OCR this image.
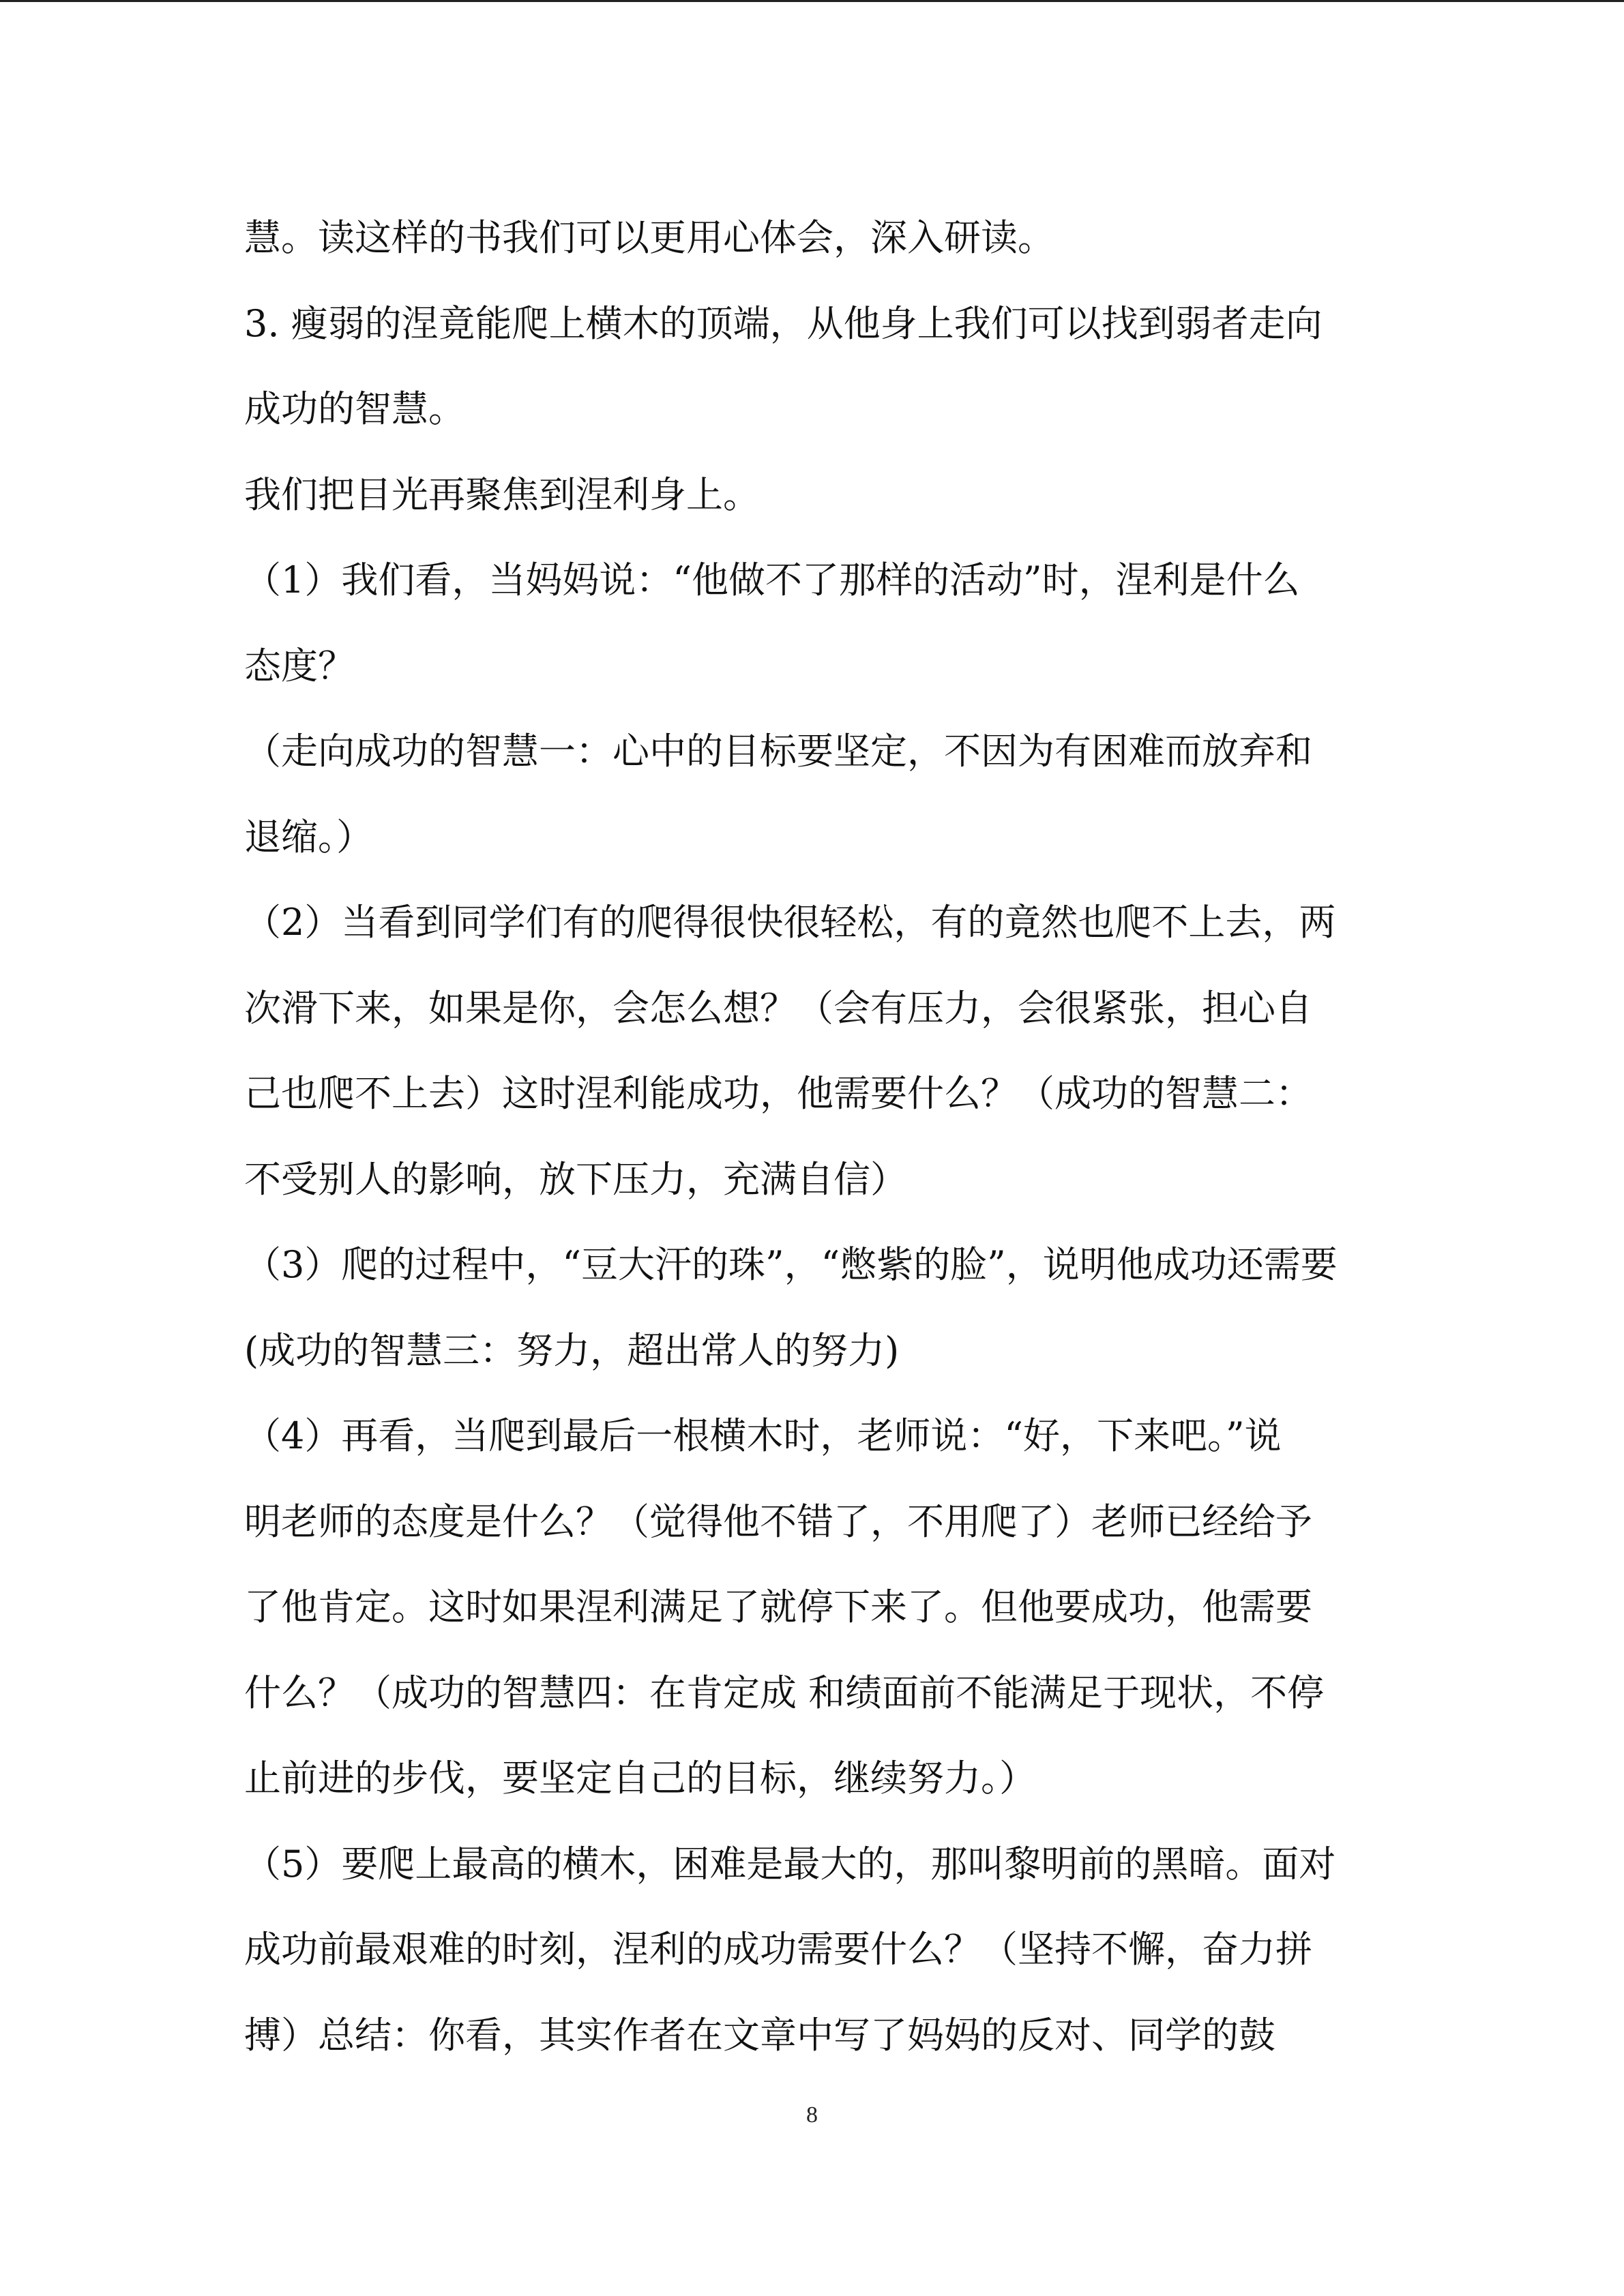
慧。读这样的书我们可以更用心体会，深入研读。
3. 瘦弱的涅竟能爬上横木的顶端，从他身上我们可以找到弱者走向
成功的智慧。
我们把目光再聚焦到涅利身上。
（1）我们看，当妈妈说：“他做不了那样的活动”时，涅利是什么
态度？
（走向成功的智慧一：心中的目标要坚定，不因为有困难而放弃和
退缩。）
（2）当看到同学们有的爬得很快很轻松，有的竟然也爬不上去，两
次滑下来，如果是你，会怎么想？（会有压力，会很紧张，担心自
己也爬不上去）这时涅利能成功，他需要什么？（成功的智慧二：
不受别人的影响，放下压力，充满自信）
（3）爬的过程中，“豆大汗的珠”，“憋紫的脸”，说明他成功还需要
(成功的智慧三：努力，超出常人的努力)
（4）再看，当爬到最后一根横木时，老师说：“好，下来吧。”说
明老师的态度是什么？（觉得他不错了，不用爬了）老师已经给予
了他肯定。这时如果涅利满足了就停下来了。但他要成功，他需要
什么？（成功的智慧四：在肯定成 和绩面前不能满足于现状，不停
止前进的步伐，要坚定自己的目标，继续努力。）
（5）要爬上最高的横木，困难是最大的，那叫黎明前的黑暗。面对
成功前最艰难的时刻，涅利的成功需要什么？（坚持不懈，奋力拼
搏）总结：你看，其实作者在文章中写了妈妈的反对、同学的鼓
8
